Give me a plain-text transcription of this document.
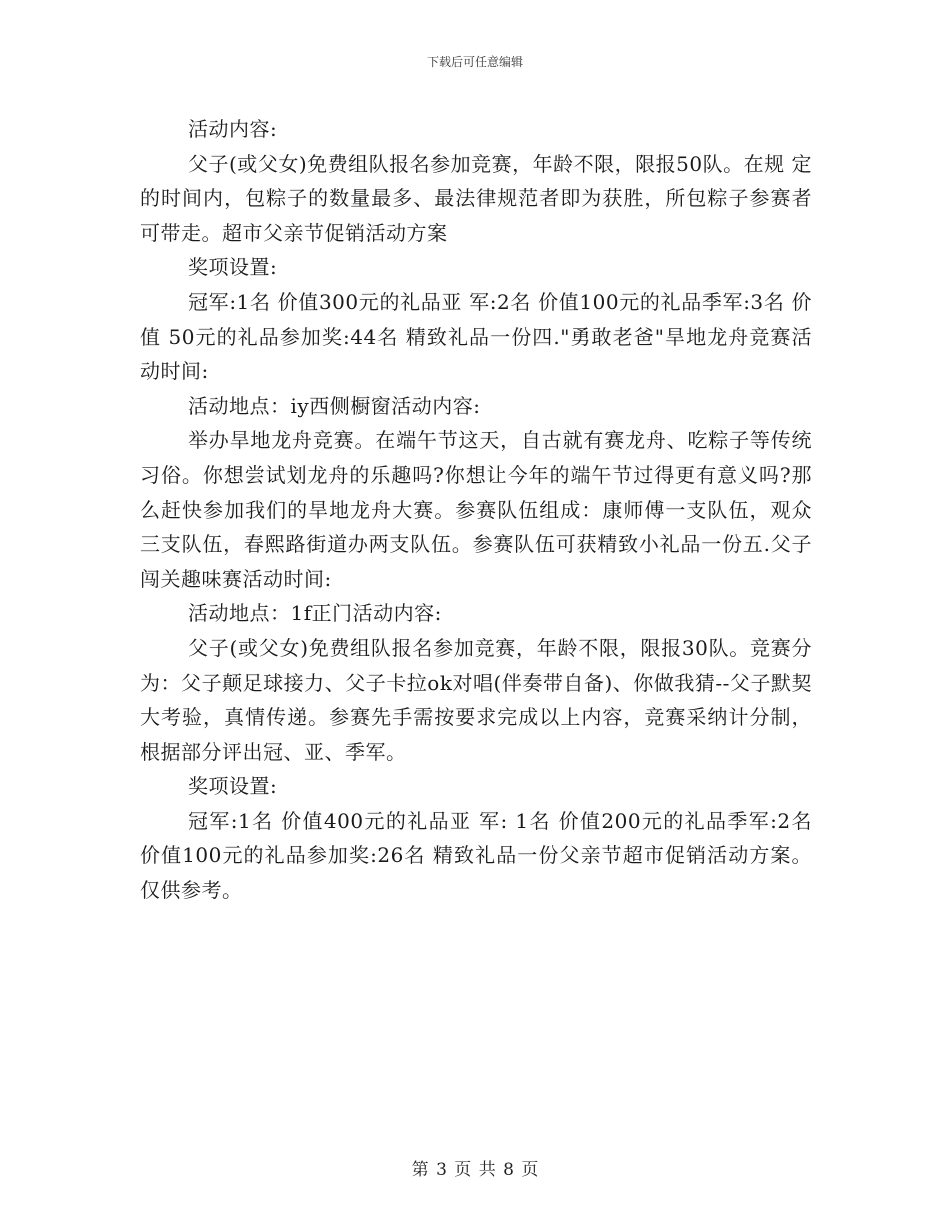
下载后可任意编辑

活动内容:

父子(或父女)免费组队报名参加竞赛，年龄不限，限报50队。在规 定的时间内，包粽子的数量最多、最法律规范者即为获胜，所包粽子参赛者可带走。超市父亲节促销活动方案

奖项设置:

冠军:1名 价值300元的礼品亚 军:2名 价值100元的礼品季军:3名 价值 50元的礼品参加奖:44名 精致礼品一份四."勇敢老爸"旱地龙舟竞赛活动时间:

活动地点：iy西侧橱窗活动内容:

举办旱地龙舟竞赛。在端午节这天，自古就有赛龙舟、吃粽子等传统习俗。你想尝试划龙舟的乐趣吗?你想让今年的端午节过得更有意义吗?那么赶快参加我们的旱地龙舟大赛。参赛队伍组成：康师傅一支队伍，观众三支队伍，春熙路街道办两支队伍。参赛队伍可获精致小礼品一份五.父子闯关趣味赛活动时间:

活动地点：1f正门活动内容:

父子(或父女)免费组队报名参加竞赛，年龄不限，限报30队。竞赛分为：父子颠足球接力、父子卡拉ok对唱(伴奏带自备)、你做我猜--父子默契大考验，真情传递。参赛先手需按要求完成以上内容，竞赛采纳计分制，根据部分评出冠、亚、季军。

奖项设置:

冠军:1名 价值400元的礼品亚 军: 1名 价值200元的礼品季军:2名 价值100元的礼品参加奖:26名 精致礼品一份父亲节超市促销活动方案。仅供参考。

第 3 页 共 8 页
